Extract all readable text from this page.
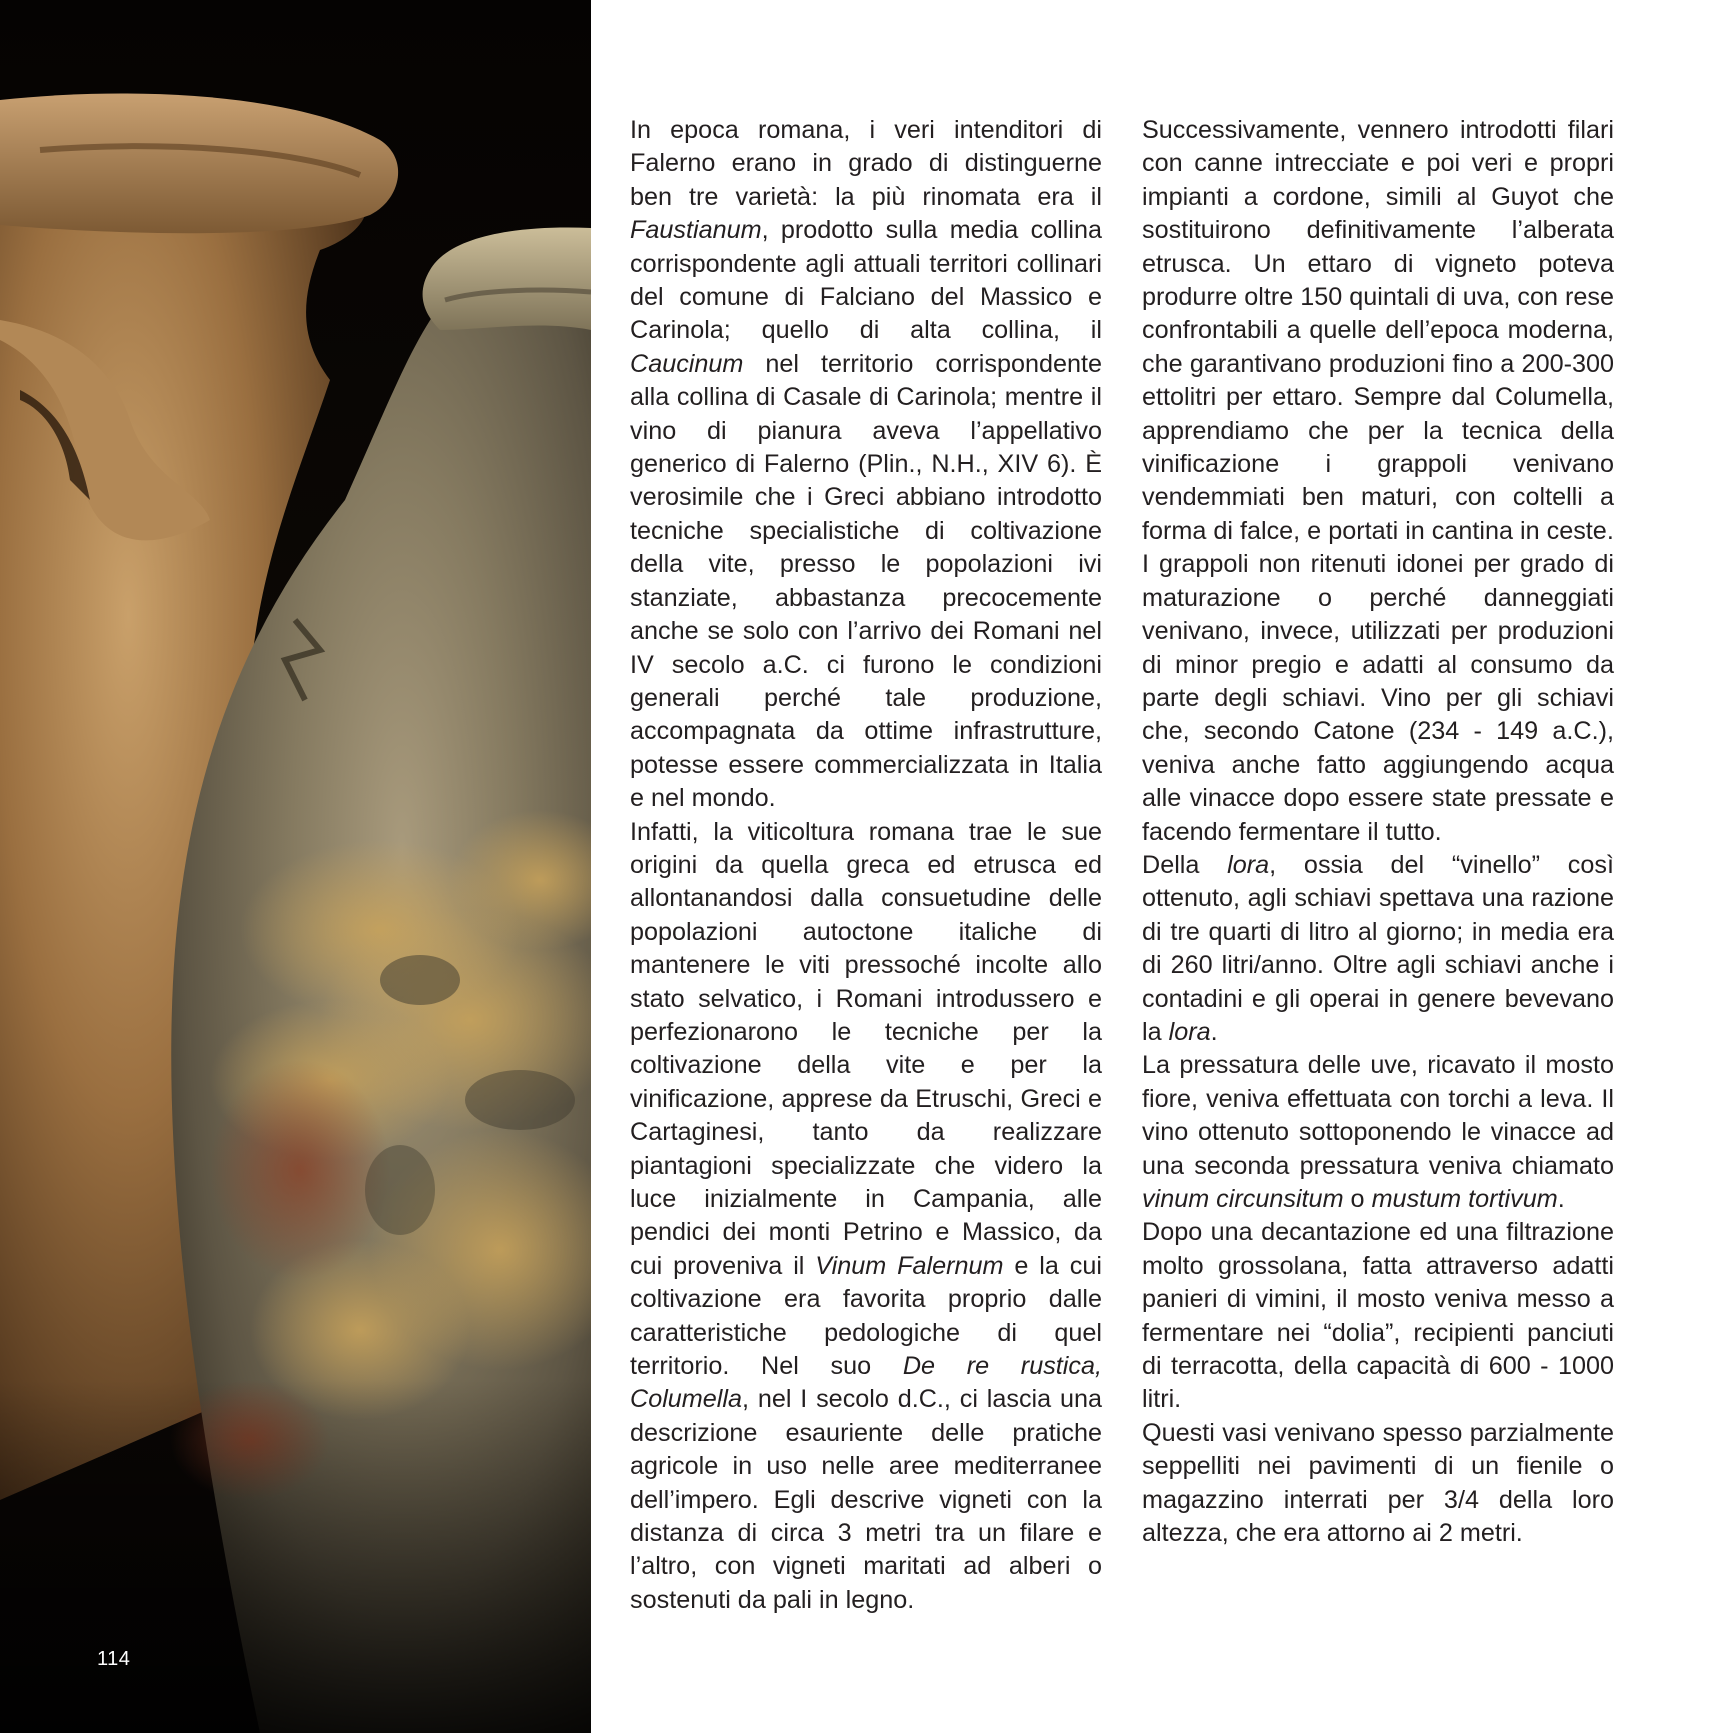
114

In epoca romana, i veri intenditori di Falerno erano in grado di distinguerne ben tre varietà: la più rinomata era il Faustianum, prodotto sulla media collina corrispondente agli attuali territori collinari del comune di Falciano del Massico e Carinola; quello di alta collina, il Caucinum nel territorio corrispondente alla collina di Casale di Carinola; mentre il vino di pianura aveva l’appellativo generico di Falerno (Plin., N.H., XIV 6). È verosimile che i Greci abbiano introdotto tecniche specialistiche di coltivazione della vite, presso le popolazioni ivi stanziate, abbastanza precocemente anche se solo con l’arrivo dei Romani nel IV secolo a.C. ci furono le condizioni generali perché tale produzione, accompagnata da ottime infrastrutture, potesse essere commercializzata in Italia e nel mondo.

Infatti, la viticoltura romana trae le sue origini da quella greca ed etrusca ed allontanandosi dalla consuetudine delle popolazioni autoctone italiche di mantenere le viti pressoché incolte allo stato selvatico, i Romani introdussero e perfezionarono le tecniche per la coltivazione della vite e per la vinificazione, apprese da Etruschi, Greci e Cartaginesi, tanto da realizzare piantagioni specializzate che videro la luce inizialmente in Campania, alle pendici dei monti Petrino e Massico, da cui proveniva il Vinum Falernum e la cui coltivazione era favorita proprio dalle caratteristiche pedologiche di quel territorio. Nel suo De re rustica, Columella, nel I secolo d.C., ci lascia una descrizione esauriente delle pratiche agricole in uso nelle aree mediterranee dell’impero. Egli descrive vigneti con la distanza di circa 3 metri tra un filare e l’altro, con vigneti maritati ad alberi o sostenuti da pali in legno.

Successivamente, vennero introdotti filari con canne intrecciate e poi veri e propri impianti a cordone, simili al Guyot che sostituirono definitivamente l’alberata etrusca. Un ettaro di vigneto poteva produrre oltre 150 quintali di uva, con rese confrontabili a quelle dell’epoca moderna, che garantivano produzioni fino a 200-300 ettolitri per ettaro. Sempre dal Columella, apprendiamo che per la tecnica della vinificazione i grappoli venivano vendemmiati ben maturi, con coltelli a forma di falce, e portati in cantina in ceste.

I grappoli non ritenuti idonei per grado di maturazione o perché danneggiati venivano, invece, utilizzati per produzioni di minor pregio e adatti al consumo da parte degli schiavi. Vino per gli schiavi che, secondo Catone (234 - 149 a.C.), veniva anche fatto aggiungendo acqua alle vinacce dopo essere state pressate e facendo fermentare il tutto.

Della lora, ossia del “vinello” così ottenuto, agli schiavi spettava una razione di tre quarti di litro al giorno; in media era di 260 litri/anno. Oltre agli schiavi anche i contadini e gli operai in genere bevevano la lora.

La pressatura delle uve, ricavato il mosto fiore, veniva effettuata con torchi a leva. Il vino ottenuto sottoponendo le vinacce ad una seconda pressatura veniva chiamato vinum circunsitum o mustum tortivum.

Dopo una decantazione ed una filtrazione molto grossolana, fatta attraverso adatti panieri di vimini, il mosto veniva messo a fermentare nei “dolia”, recipienti panciuti di terracotta, della capacità di 600 - 1000 litri.

Questi vasi venivano spesso parzialmente seppelliti nei pavimenti di un fienile o magazzino interrati per 3/4 della loro altezza, che era attorno ai 2 metri.
